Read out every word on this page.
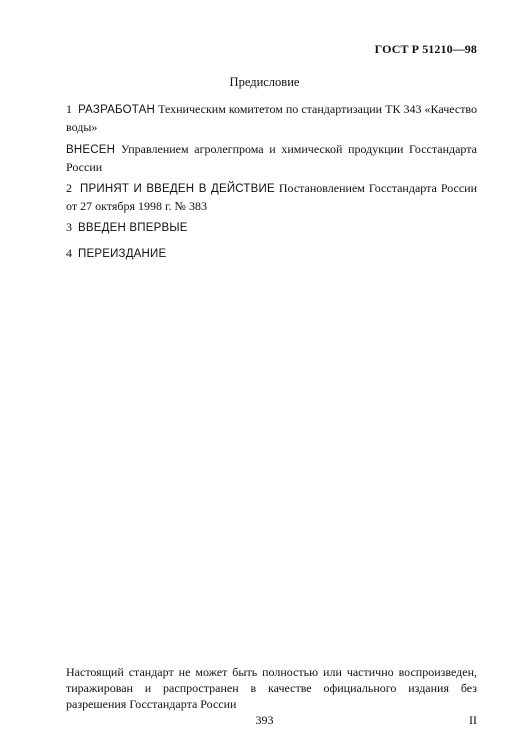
ГОСТ Р 51210—98
Предисловие
1 РАЗРАБОТАН Техническим комитетом по стандартизации ТК 343 «Качество воды»
ВНЕСЕН Управлением агролегпрома и химической продукции Госстандарта России
2 ПРИНЯТ И ВВЕДЕН В ДЕЙСТВИЕ Постановлением Госстандарта России от 27 октября 1998 г. № 383
3 ВВЕДЕН ВПЕРВЫЕ
4 ПЕРЕИЗДАНИЕ
Настоящий стандарт не может быть полностью или частично воспроизведен, тиражирован и распространен в качестве официального издания без разрешения Госстандарта России
393	II
